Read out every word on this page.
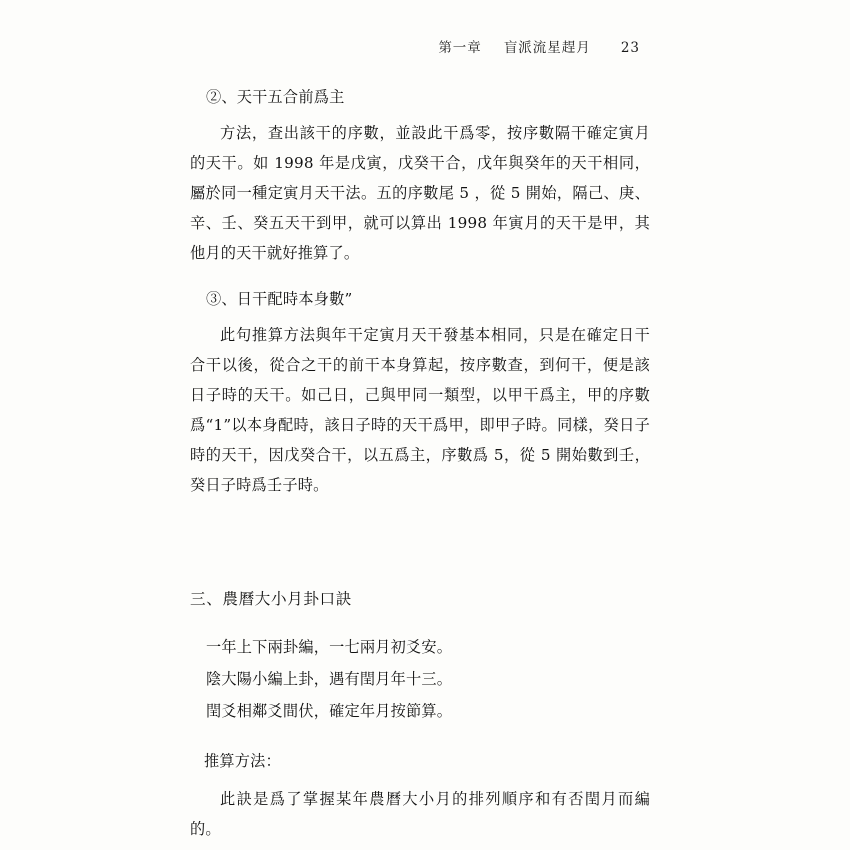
第一章 盲派流星趕月 23
②、天干五合前爲主
方法，查出該干的序數，並設此干爲零，按序數隔干確定寅月的天干。如 1998 年是戊寅，戊癸干合，戊年與癸年的天干相同，屬於同一種定寅月天干法。五的序數尾 5 ，從 5 開始，隔己、庚、辛、壬、癸五天干到甲，就可以算出 1998 年寅月的天干是甲，其他月的天干就好推算了。
③、日干配時本身數”
此句推算方法與年干定寅月天干發基本相同，只是在確定日干合干以後，從合之干的前干本身算起，按序數查，到何干，便是該日子時的天干。如己日，己與甲同一類型，以甲干爲主，甲的序數爲“1”以本身配時，該日子時的天干爲甲，即甲子時。同樣，癸日子時的天干，因戊癸合干，以五爲主，序數爲 5，從 5 開始數到壬，癸日子時爲壬子時。
三、農曆大小月卦口訣
一年上下兩卦編，一七兩月初爻安。
陰大陽小編上卦，遇有閏月年十三。
閏爻相鄰爻間伏，確定年月按節算。
推算方法：
此訣是爲了掌握某年農曆大小月的排列順序和有否閏月而編的。
